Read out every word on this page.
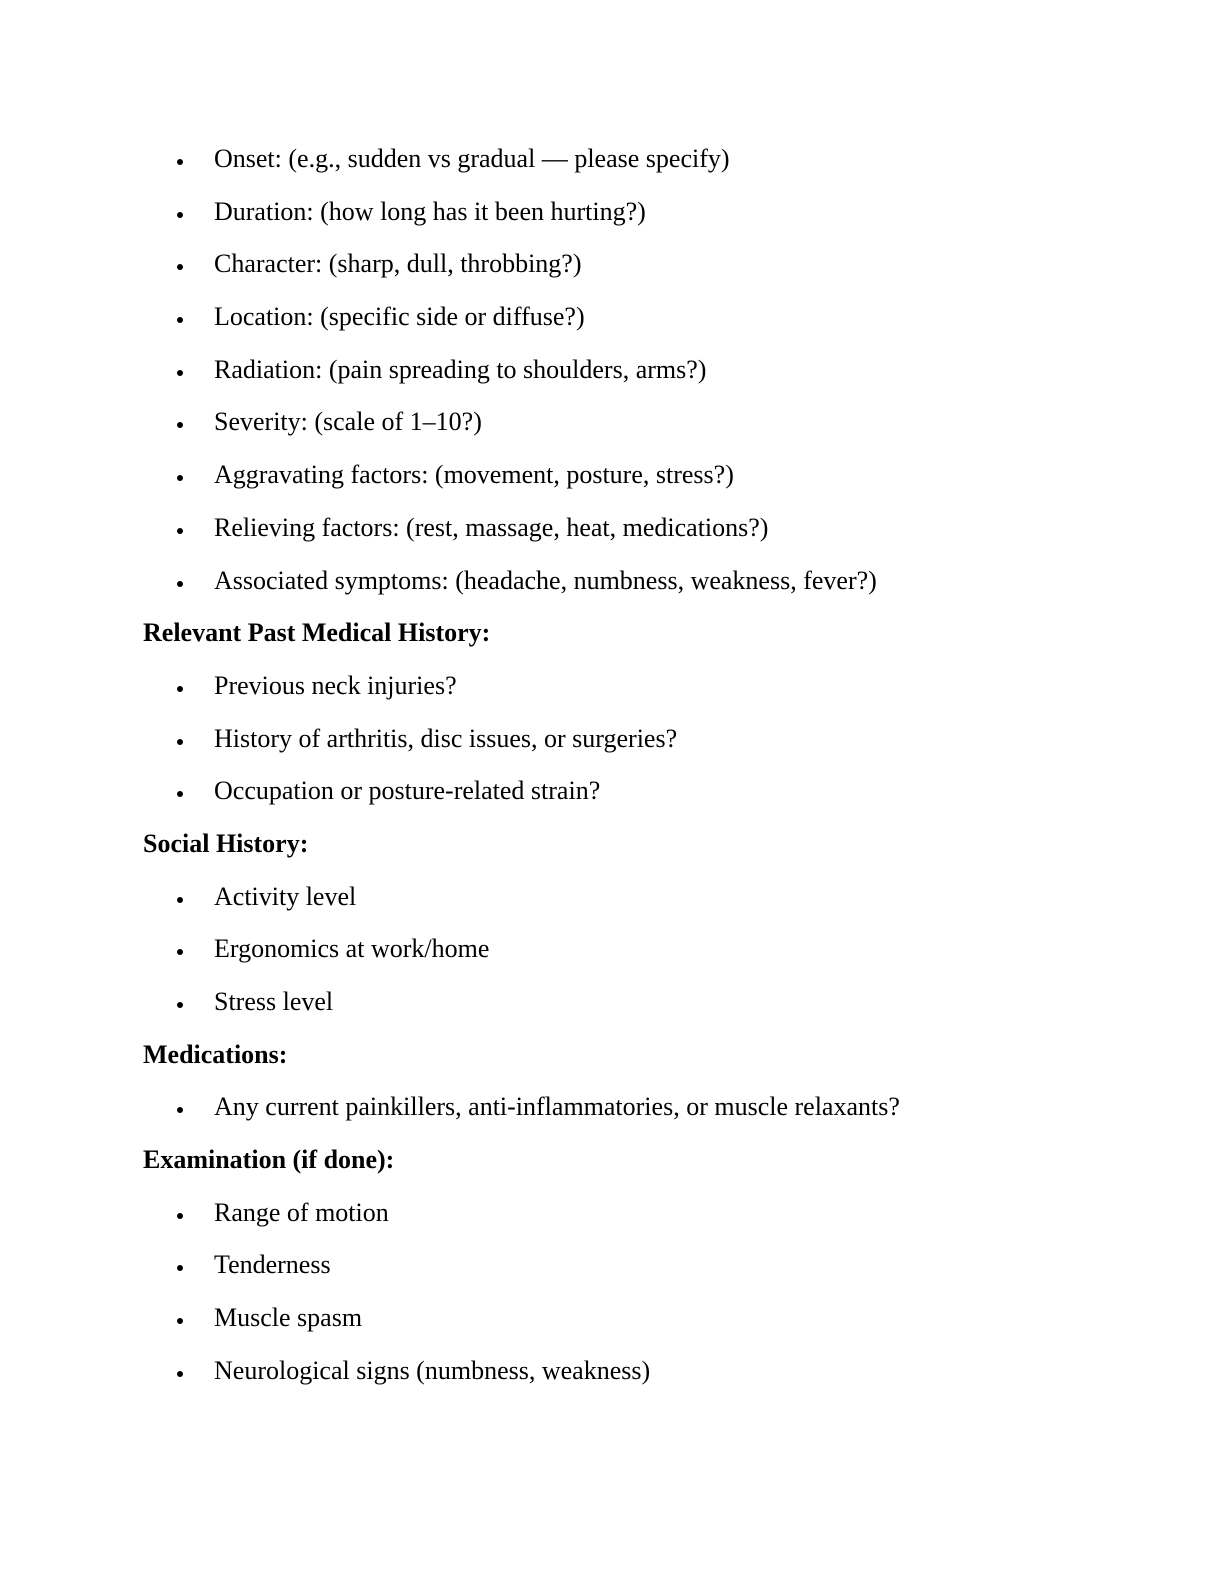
Onset: (e.g., sudden vs gradual — please specify)
Duration: (how long has it been hurting?)
Character: (sharp, dull, throbbing?)
Location: (specific side or diffuse?)
Radiation: (pain spreading to shoulders, arms?)
Severity: (scale of 1–10?)
Aggravating factors: (movement, posture, stress?)
Relieving factors: (rest, massage, heat, medications?)
Associated symptoms: (headache, numbness, weakness, fever?)
Relevant Past Medical History:
Previous neck injuries?
History of arthritis, disc issues, or surgeries?
Occupation or posture-related strain?
Social History:
Activity level
Ergonomics at work/home
Stress level
Medications:
Any current painkillers, anti-inflammatories, or muscle relaxants?
Examination (if done):
Range of motion
Tenderness
Muscle spasm
Neurological signs (numbness, weakness)
